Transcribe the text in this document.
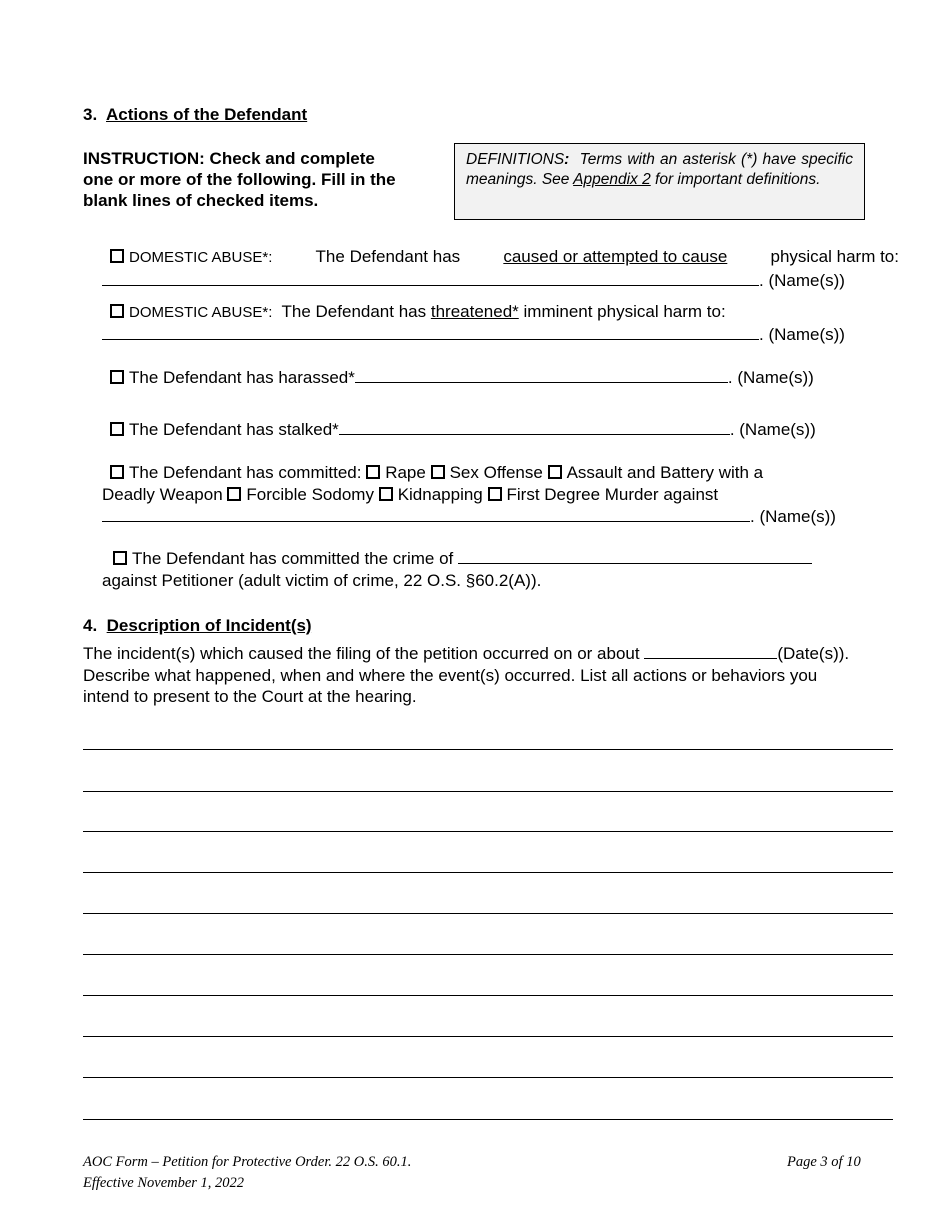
3. Actions of the Defendant
INSTRUCTION: Check and complete
one or more of the following. Fill in the
blank lines of checked items.
DEFINITIONS: Terms with an asterisk (*) have specific meanings. See Appendix 2 for important definitions.
DOMESTIC ABUSE*:	The Defendant has	caused or attempted to cause	physical harm to:
. (Name(s))
DOMESTIC ABUSE*: The Defendant has threatened* imminent physical harm to:
. (Name(s))
The Defendant has harassed*	. (Name(s))
The Defendant has stalked*	. (Name(s))
The Defendant has committed: Rape Sex Offense Assault and Battery with a
Deadly Weapon Forcible Sodomy Kidnapping First Degree Murder against
. (Name(s))
The Defendant has committed the crime of
against Petitioner (adult victim of crime, 22 O.S. §60.2(A)).
4. Description of Incident(s)
The incident(s) which caused the filing of the petition occurred on or about	(Date(s)).
Describe what happened, when and where the event(s) occurred. List all actions or behaviors you
intend to present to the Court at the hearing.
AOC Form – Petition for Protective Order. 22 O.S. 60.1.
Effective November 1, 2022
Page 3 of 10
